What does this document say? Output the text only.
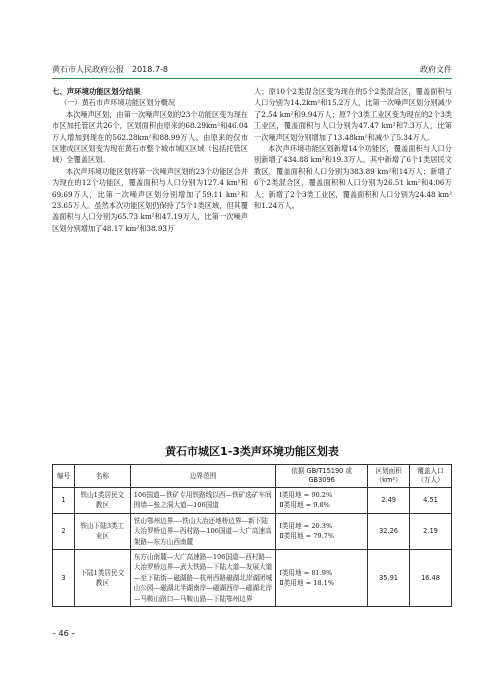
黄石市人民政府公报　2018.7-8	政府文件

七、声环境功能区划分结果

（一）黄石市声环境功能区划分概况

本次噪声区划，由第一次噪声区划的23个功能区变为现在市区加托管区共26个，区划面积由原来的68.29km²和46.04万人增加到现在的562.28km²和88.99万人。由原来的仅市区建成区区划变为现在黄石市整个城市城区区域（包括托管区域）全覆盖区划。

本次声环境功能区划将第一次噪声区划的23个功能区合并为现在的12个功能区，覆盖面积与人口分别为127.4 km²和69.69万人，比第一次噪声区划分别增加了59.11 km²和23.65万人。虽然本次功能区划仍保持了5个1类区域，但其覆盖面积与人口分别为65.73 km²和47.19万人，比第一次噪声区划分别增加了48.17 km²和38.93万

人；原10个2类混合区变为现在的5个2类混合区，覆盖面积与人口分别为14.2km²和15.2万人，比第一次噪声区划分别减少了2.54 km²和9.94万人；原7个3类工业区变为现在的2个3类工业区，覆盖面积与人口分别为47.47 km²和7.3万人，比第一次噪声区划分别增加了13.48km²和减少了5.34万人。

本次声环境功能区划新增14个功能区，覆盖面积与人口分别新增了434.88 km²和19.3万人。其中新增了6个1类居民文教区，覆盖面积和人口分别为383.89 km²和14万人；新增了6个2类混合区，覆盖面积和人口分别为26.51 km²和4.06万人；新增了2个3类工业区，覆盖面积和人口分别为24.48 km²和1.24万人。

黄石市城区1-3类声环境功能区划表
编号	名称	边界范围	依据 GB/T15190 或 GB3096	区划面积（km²）	覆盖人口（万人）
1	铁山1类居民文教区	106国道—铁矿专用铁路线以西—铁矿选矿车间围墙—张之洞大道—106国道	Ⅰ类用地 = 90.2%
Ⅱ类用地 = 9.8%	2.49	4.51
2	铁山下陆3类工业区	铁山鄂州边界—-铁山大冶还地桥边界—新下陆大冶罗桥边界—西村路—106国道—大广高速高架路—东方山西南麓	Ⅰ类用地 = 20.3%
Ⅱ类用地 = 79.7%	32.26	2.19
3	下陆1类居民文教区	东方山南麓—大广高速路—106国道—西村路—大冶罗桥边界—武大铁路—下陆大道—发展大道—至下陆街—磁湖路—杭州西路磁湖北岸湖团城山公园—磁湖北半湖南岸—磁湖西岸—磁湖北岸—马鞍山路口—马鞍山路—下陆鄂州边界	Ⅰ类用地 = 81.9%
Ⅱ类用地 = 18.1%	35.91	16.48
– 46 –
